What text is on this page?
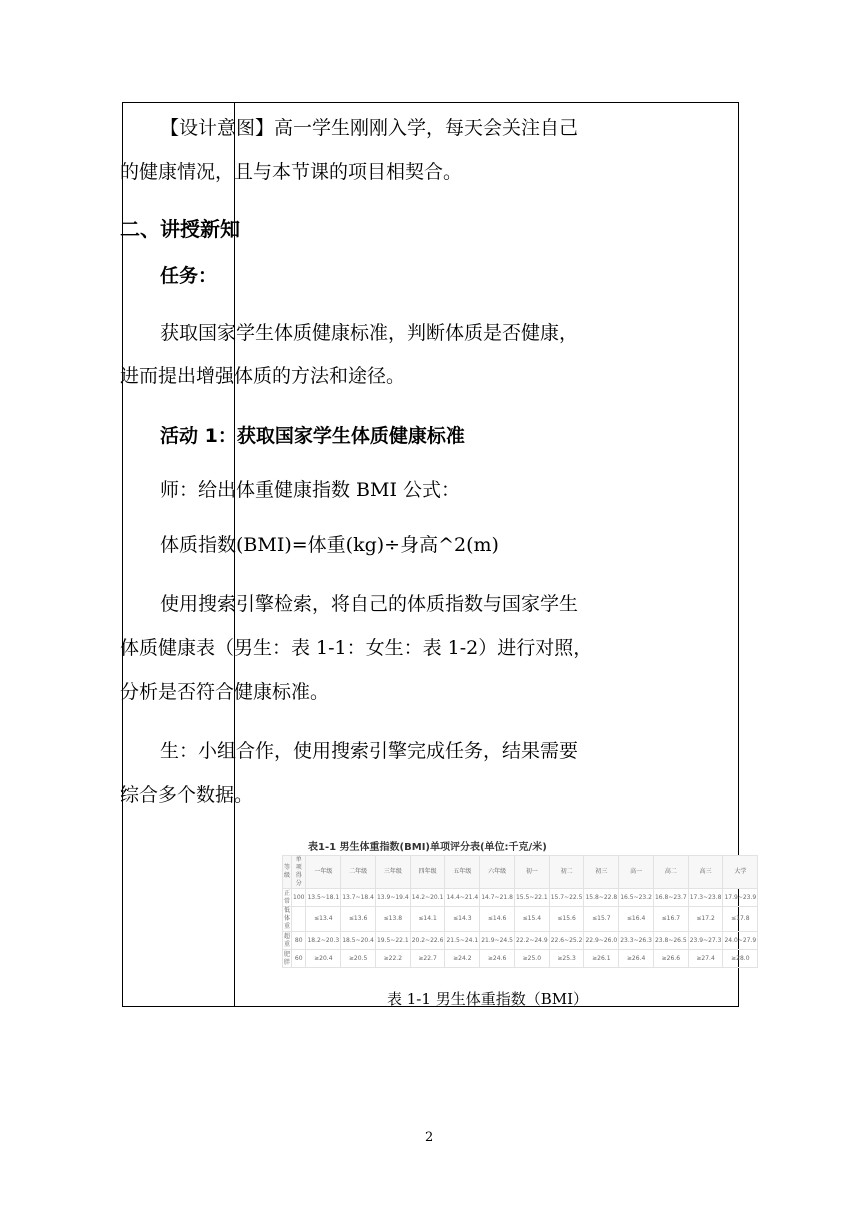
【设计意图】高一学生刚刚入学，每天会关注自己
的健康情况，且与本节课的项目相契合。
二、讲授新知
任务：
获取国家学生体质健康标准，判断体质是否健康，
进而提出增强体质的方法和途径。
活动 1：获取国家学生体质健康标准
师：给出体重健康指数 BMI 公式：
体质指数(BMI)=体重(kg)÷身高^2(m)
使用搜索引擎检索，将自己的体质指数与国家学生
体质健康表（男生：表 1-1：女生：表 1-2）进行对照，
分析是否符合健康标准。
生：小组合作，使用搜索引擎完成任务，结果需要
综合多个数据。
表1-1 男生体重指数(BMI)单项评分表(单位:千克/米)
等级	单项得分	一年级	二年级	三年级	四年级	五年级	六年级	初一	初二	初三	高一	高二	高三	大学
正常	100	13.5~18.1	13.7~18.4	13.9~19.4	14.2~20.1	14.4~21.4	14.7~21.8	15.5~22.1	15.7~22.5	15.8~22.8	16.5~23.2	16.8~23.7	17.3~23.8	17.9~23.9
低体重		≤13.4	≤13.6	≤13.8	≤14.1	≤14.3	≤14.6	≤15.4	≤15.6	≤15.7	≤16.4	≤16.7	≤17.2	≤17.8
超重	80	18.2~20.3	18.5~20.4	19.5~22.1	20.2~22.6	21.5~24.1	21.9~24.5	22.2~24.9	22.6~25.2	22.9~26.0	23.3~26.3	23.8~26.5	23.9~27.3	24.0~27.9
肥胖	60	≥20.4	≥20.5	≥22.2	≥22.7	≥24.2	≥24.6	≥25.0	≥25.3	≥26.1	≥26.4	≥26.6	≥27.4	≥28.0
表 1-1 男生体重指数（BMI）
2
